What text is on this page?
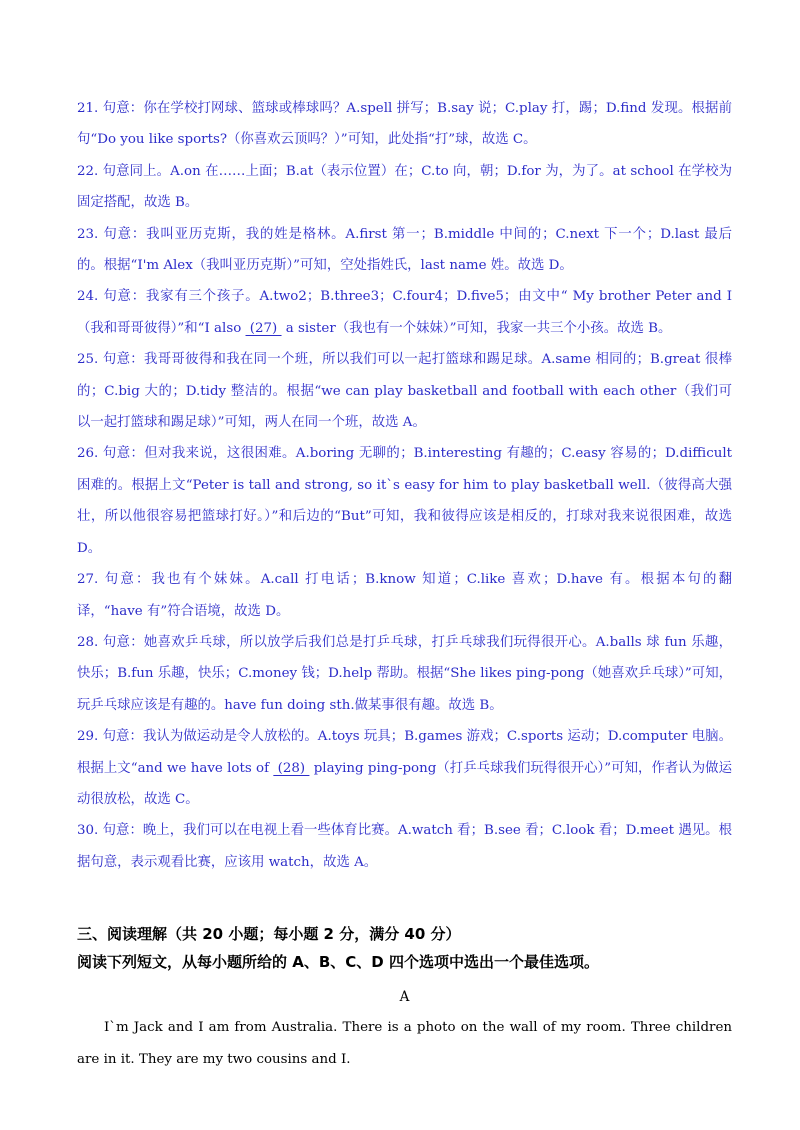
21. 句意：你在学校打网球、篮球或棒球吗？A.spell 拼写；B.say 说；C.play 打，踢；D.find 发现。根据前句“Do you like sports?（你喜欢云顶吗？）”可知，此处指“打”球，故选 C。

22. 句意同上。A.on 在……上面；B.at（表示位置）在；C.to 向，朝；D.for 为，为了。at school 在学校为固定搭配，故选 B。

23. 句意：我叫亚历克斯，我的姓是格林。A.first 第一；B.middle 中间的；C.next 下一个；D.last 最后的。根据“I'm Alex（我叫亚历克斯）”可知，空处指姓氏，last name 姓。故选 D。

24. 句意：我家有三个孩子。A.two2；B.three3；C.four4；D.five5；由文中“ My brother Peter and I（我和哥哥彼得）”和“I also  (27)  a sister（我也有一个妹妹）”可知，我家一共三个小孩。故选 B。

25. 句意：我哥哥彼得和我在同一个班，所以我们可以一起打篮球和踢足球。A.same 相同的；B.great 很棒的；C.big 大的；D.tidy 整洁的。根据“we can play basketball and football with each other（我们可以一起打篮球和踢足球）”可知，两人在同一个班，故选 A。

26. 句意：但对我来说，这很困难。A.boring 无聊的；B.interesting 有趣的；C.easy 容易的；D.difficult 困难的。根据上文“Peter is tall and strong, so it`s easy for him to play basketball well.（彼得高大强壮，所以他很容易把篮球打好。）”和后边的“But”可知，我和彼得应该是相反的，打球对我来说很困难，故选 D。

27. 句意：我也有个妹妹。A.call 打电话；B.know 知道；C.like 喜欢；D.have 有。根据本句的翻译，“have 有”符合语境，故选 D。

28. 句意：她喜欢乒乓球，所以放学后我们总是打乒乓球，打乒乓球我们玩得很开心。A.balls 球 fun 乐趣，快乐；B.fun 乐趣，快乐；C.money 钱；D.help 帮助。根据“She likes ping-pong（她喜欢乒乓球）”可知，玩乒乓球应该是有趣的。have fun doing sth.做某事很有趣。故选 B。

29. 句意：我认为做运动是令人放松的。A.toys 玩具；B.games 游戏；C.sports 运动；D.computer 电脑。根据上文“and we have lots of  (28)  playing ping-pong（打乒乓球我们玩得很开心）”可知，作者认为做运动很放松，故选 C。

30. 句意：晚上，我们可以在电视上看一些体育比赛。A.watch 看；B.see 看；C.look 看；D.meet 遇见。根据句意，表示观看比赛，应该用 watch，故选 A。

三、阅读理解（共 20 小题；每小题 2 分，满分 40 分）
阅读下列短文，从每小题所给的 A、B、C、D 四个选项中选出一个最佳选项。
A

I`m Jack and I am from Australia. There is a photo on the wall of my room. Three children are in it. They are my two cousins and I.
